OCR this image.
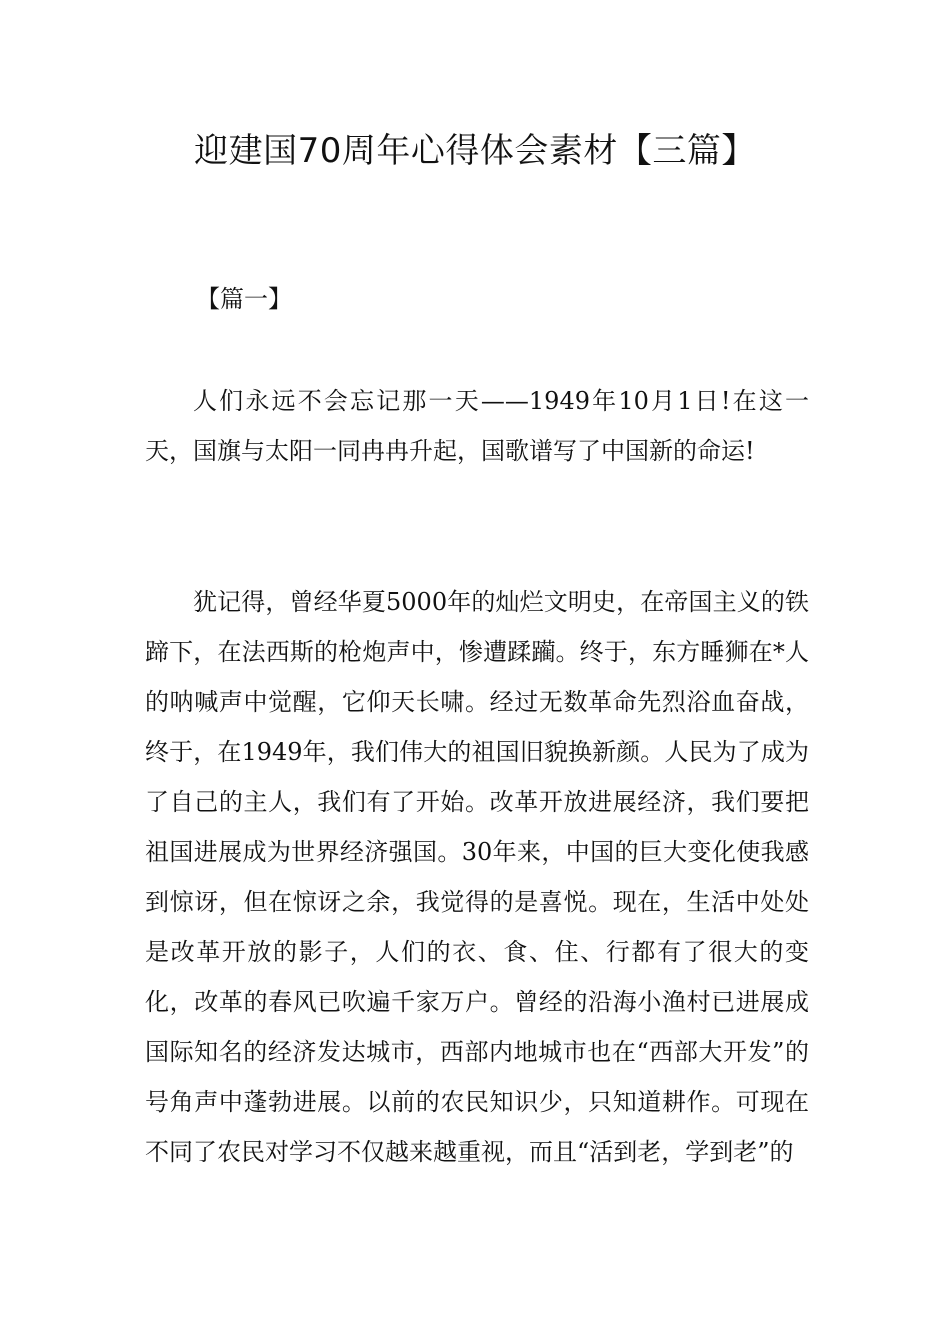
迎建国70周年心得体会素材【三篇】
【篇一】

人们永远不会忘记那一天——1949年10月1日!在这一天，国旗与太阳一同冉冉升起，国歌谱写了中国新的命运!

犹记得，曾经华夏5000年的灿烂文明史，在帝国主义的铁蹄下，在法西斯的枪炮声中，惨遭蹂躏。终于，东方睡狮在*人的呐喊声中觉醒，它仰天长啸。经过无数革命先烈浴血奋战，终于，在1949年，我们伟大的祖国旧貌换新颜。人民为了成为了自己的主人，我们有了开始。改革开放进展经济，我们要把祖国进展成为世界经济强国。30年来，中国的巨大变化使我感到惊讶，但在惊讶之余，我觉得的是喜悦。现在，生活中处处是改革开放的影子，人们的衣、食、住、行都有了很大的变化，改革的春风已吹遍千家万户。曾经的沿海小渔村已进展成国际知名的经济发达城市，西部内地城市也在“西部大开发”的号角声中蓬勃进展。以前的农民知识少，只知道耕作。可现在不同了农民对学习不仅越来越重视，而且“活到老，学到老”的
